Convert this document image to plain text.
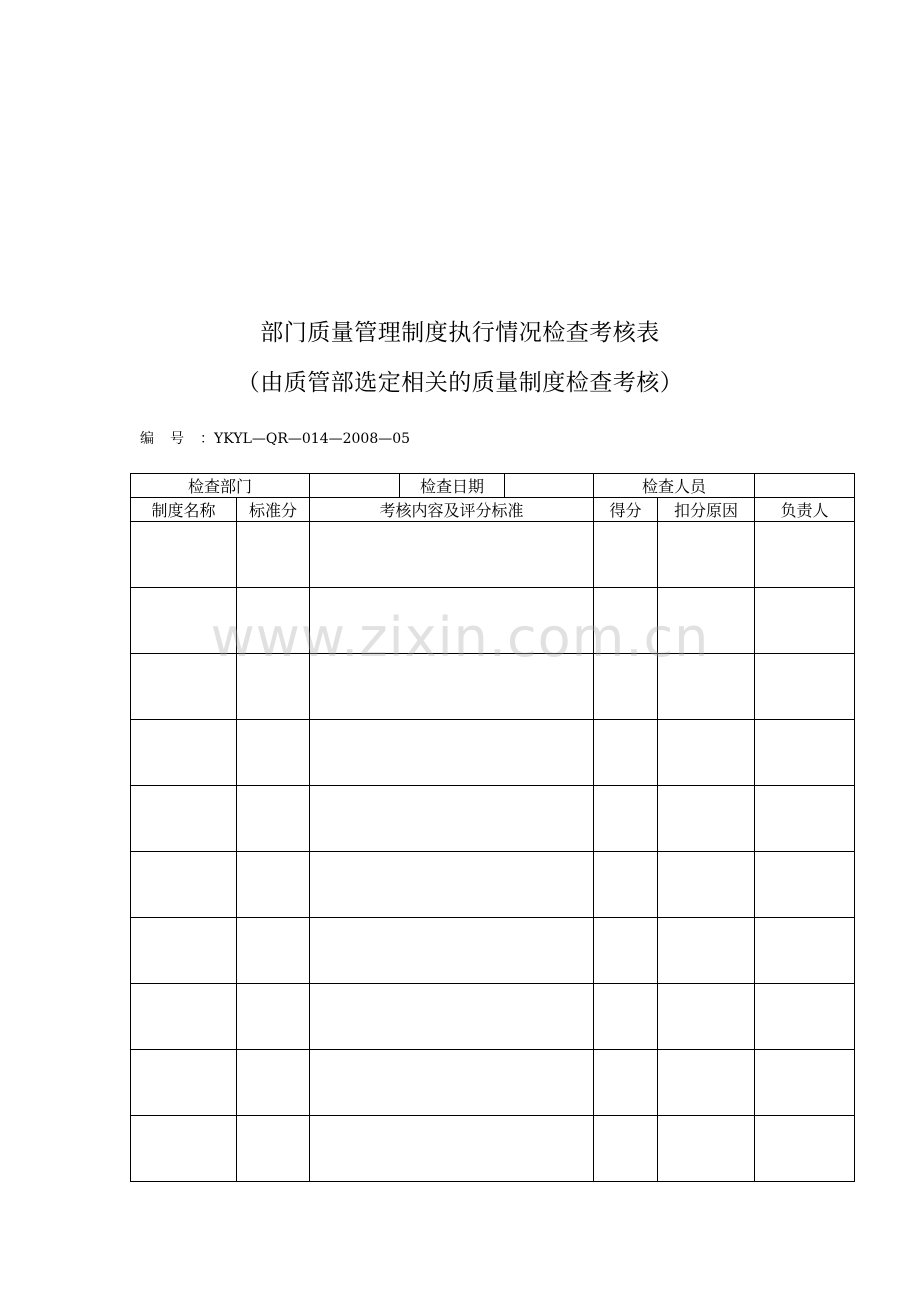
部门质量管理制度执行情况检查考核表
（由质管部选定相关的质量制度检查考核）
编号：YKYL—QR—014—2008—05
检查部门			检查日期		检查人员		
制度名称	标准分	考核内容及评分标准			得分	扣分原因	负责人

www.zixin.com.cn
